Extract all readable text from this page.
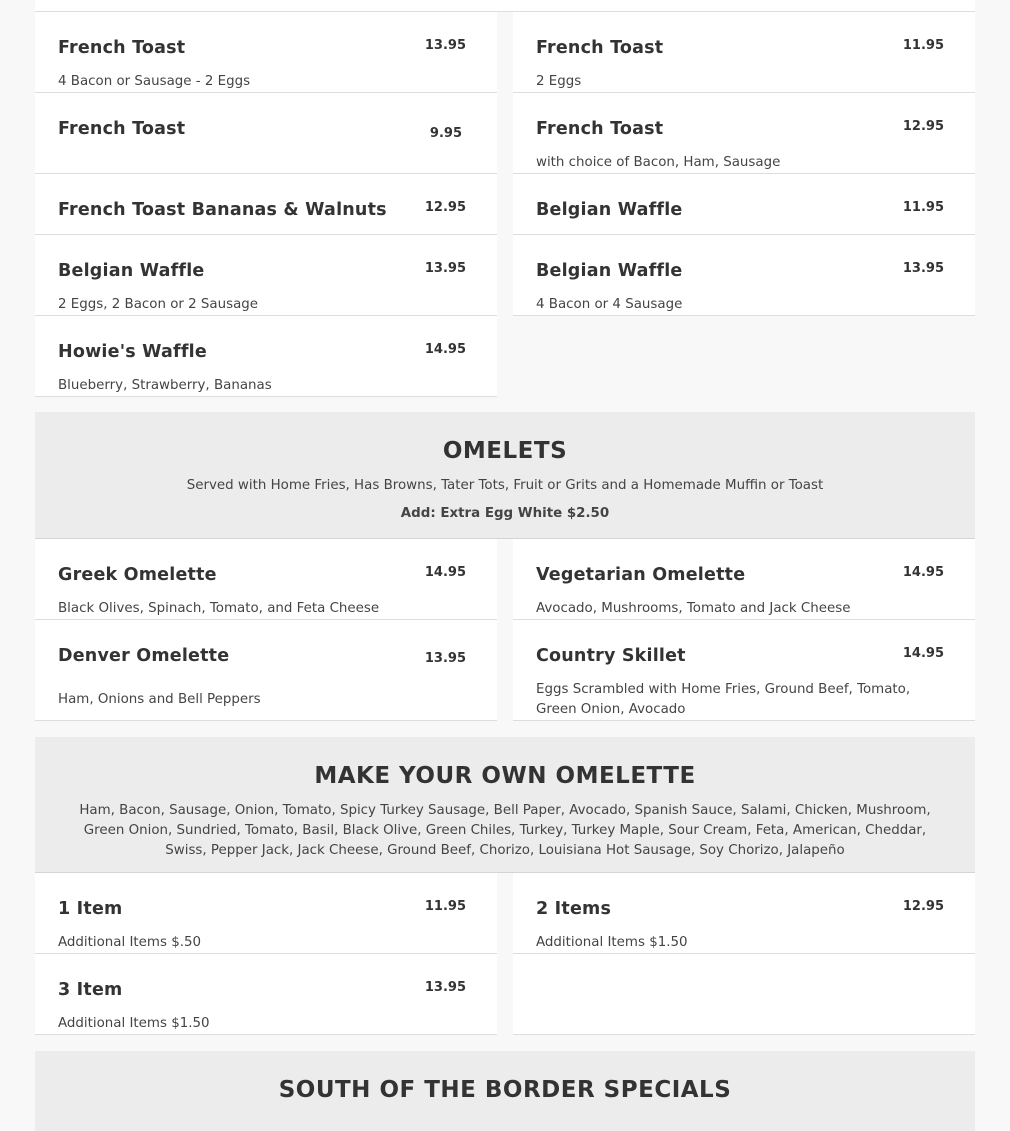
French Toast	13.95
4 Bacon or Sausage - 2 Eggs
French Toast	11.95
2 Eggs
French Toast	9.95	French Toast	12.95
with choice of Bacon, Ham, Sausage
French Toast Bananas & Walnuts	12.95	Belgian Waffle	11.95
Belgian Waffle	13.95
2 Eggs, 2 Bacon or 2 Sausage
Belgian Waffle	13.95
4 Bacon or 4 Sausage
Howie's Waffle	14.95
Blueberry, Strawberry, Bananas
OMELETS
Served with Home Fries, Has Browns, Tater Tots, Fruit or Grits and a Homemade Muffin or Toast
Add: Extra Egg White $2.50
Greek Omelette	14.95
Black Olives, Spinach, Tomato, and Feta Cheese
Vegetarian Omelette	14.95
Avocado, Mushrooms, Tomato and Jack Cheese
Denver Omelette	13.95
Ham, Onions and Bell Peppers
Country Skillet	14.95
Eggs Scrambled with Home Fries, Ground Beef, Tomato, Green Onion, Avocado
MAKE YOUR OWN OMELETTE
Ham, Bacon, Sausage, Onion, Tomato, Spicy Turkey Sausage, Bell Paper, Avocado, Spanish Sauce, Salami, Chicken, Mushroom, Green Onion, Sundried, Tomato, Basil, Black Olive, Green Chiles, Turkey, Turkey Maple, Sour Cream, Feta, American, Cheddar, Swiss, Pepper Jack, Jack Cheese, Ground Beef, Chorizo, Louisiana Hot Sausage, Soy Chorizo, Jalapeño
1 Item	11.95
Additional Items $.50
2 Items	12.95
Additional Items $1.50
3 Item	13.95
Additional Items $1.50
SOUTH OF THE BORDER SPECIALS
